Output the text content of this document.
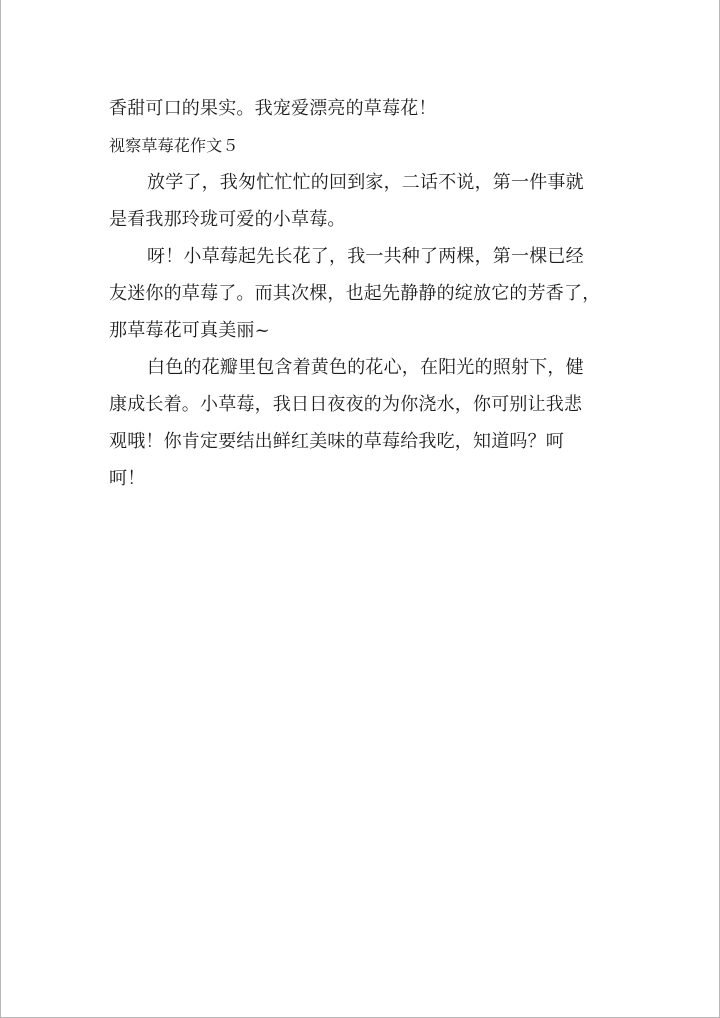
香甜可口的果实。我宠爱漂亮的草莓花！
视察草莓花作文５
放学了，我匆忙忙忙的回到家，二话不说，第一件事就
是看我那玲珑可爱的小草莓。
呀！小草莓起先长花了，我一共种了两棵，第一棵已经
友迷你的草莓了。而其次棵，也起先静静的绽放它的芳香了，
那草莓花可真美丽~
白色的花瓣里包含着黄色的花心，在阳光的照射下，健
康成长着。小草莓，我日日夜夜的为你浇水，你可别让我悲
观哦！你肯定要结出鲜红美味的草莓给我吃，知道吗？呵
呵！
